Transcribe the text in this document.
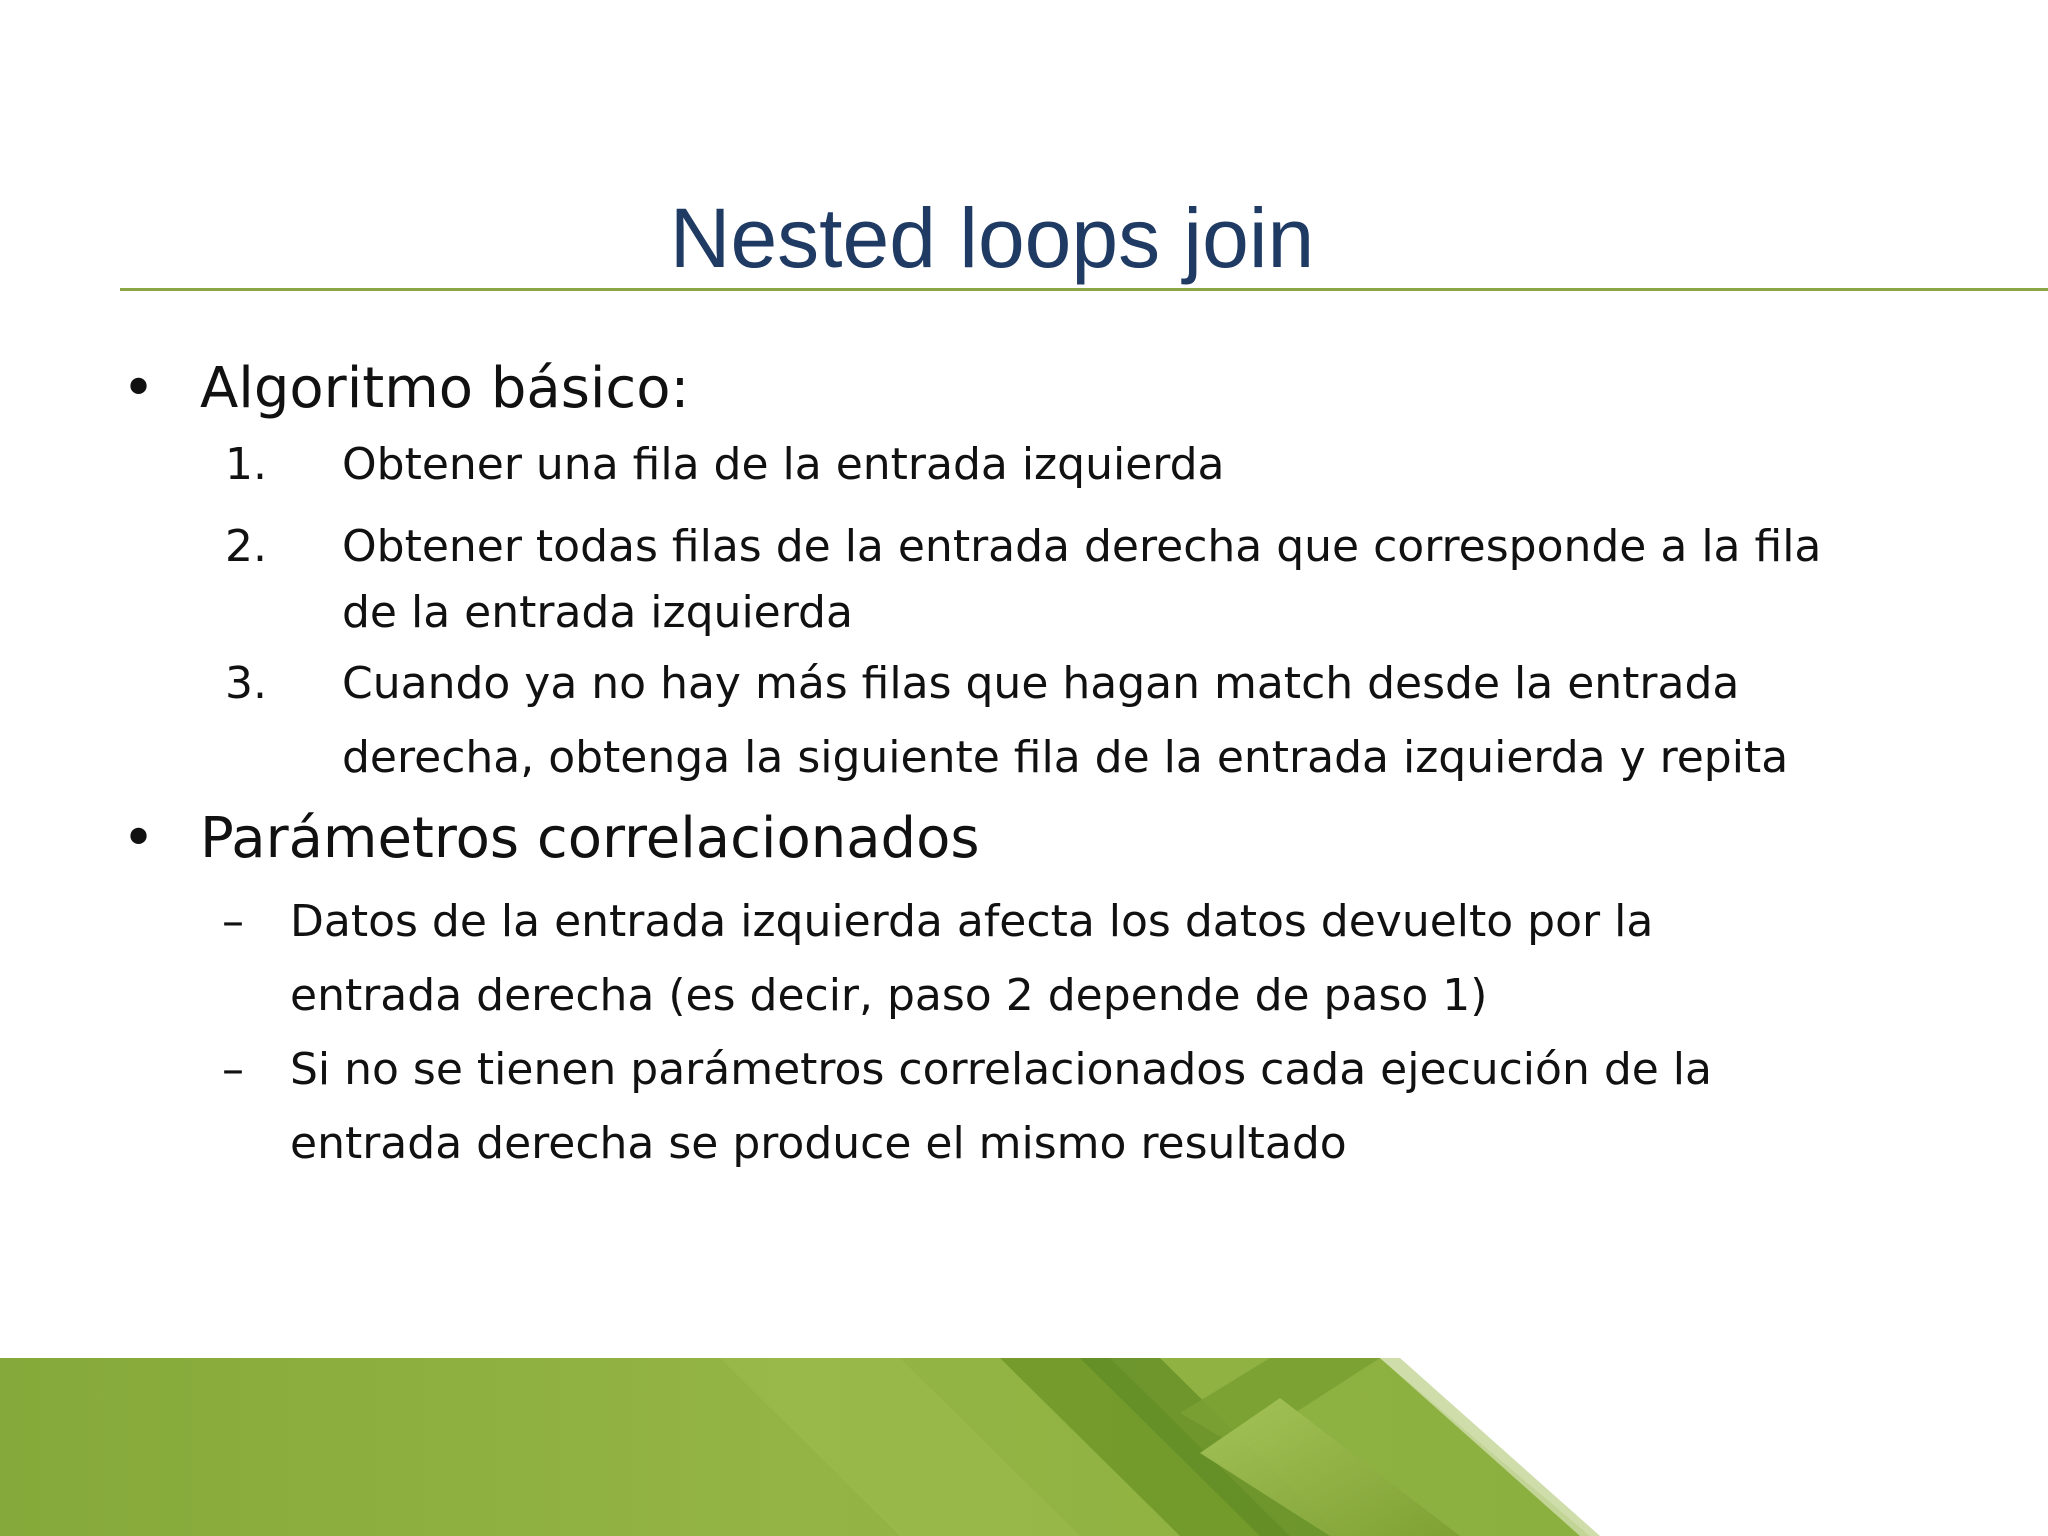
Nested loops join
• Algoritmo básico:
1. Obtener una fila de la entrada izquierda
2. Obtener todas filas de la entrada derecha que corresponde a la fila
de la entrada izquierda
3. Cuando ya no hay más filas que hagan match desde la entrada
derecha, obtenga la siguiente fila de la entrada izquierda y repita
• Parámetros correlacionados
– Datos de la entrada izquierda afecta los datos devuelto por la
entrada derecha (es decir, paso 2 depende de paso 1)
– Si no se tienen parámetros correlacionados cada ejecución de la
entrada derecha se produce el mismo resultado
